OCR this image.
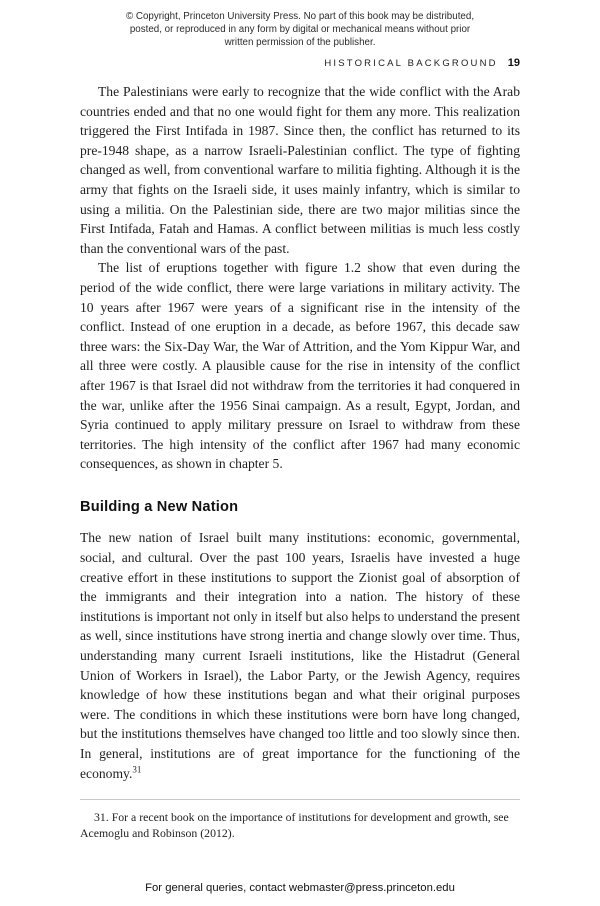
© Copyright, Princeton University Press. No part of this book may be distributed, posted, or reproduced in any form by digital or mechanical means without prior written permission of the publisher.
HISTORICAL BACKGROUND 19

The Palestinians were early to recognize that the wide conflict with the Arab countries ended and that no one would fight for them any more. This realization triggered the First Intifada in 1987. Since then, the conflict has returned to its pre-1948 shape, as a narrow Israeli-Palestinian conflict. The type of fighting changed as well, from conventional warfare to militia fighting. Although it is the army that fights on the Israeli side, it uses mainly infantry, which is similar to using a militia. On the Palestinian side, there are two major militias since the First Intifada, Fatah and Hamas. A conflict between militias is much less costly than the conventional wars of the past.

The list of eruptions together with figure 1.2 show that even during the period of the wide conflict, there were large variations in military activity. The 10 years after 1967 were years of a significant rise in the intensity of the conflict. Instead of one eruption in a decade, as before 1967, this decade saw three wars: the Six-Day War, the War of Attrition, and the Yom Kippur War, and all three were costly. A plausible cause for the rise in intensity of the conflict after 1967 is that Israel did not withdraw from the territories it had conquered in the war, unlike after the 1956 Sinai campaign. As a result, Egypt, Jordan, and Syria continued to apply military pressure on Israel to withdraw from these territories. The high intensity of the conflict after 1967 had many economic consequences, as shown in chapter 5.

Building a New Nation

The new nation of Israel built many institutions: economic, governmental, social, and cultural. Over the past 100 years, Israelis have invested a huge creative effort in these institutions to support the Zionist goal of absorption of the immigrants and their integration into a nation. The history of these institutions is important not only in itself but also helps to understand the present as well, since institutions have strong inertia and change slowly over time. Thus, understanding many current Israeli institutions, like the Histadrut (General Union of Workers in Israel), the Labor Party, or the Jewish Agency, requires knowledge of how these institutions began and what their original purposes were. The conditions in which these institutions were born have long changed, but the institutions themselves have changed too little and too slowly since then. In general, institutions are of great importance for the functioning of the economy.$^{31}$

31. For a recent book on the importance of institutions for development and growth, see Acemoglu and Robinson (2012).
For general queries, contact webmaster@press.princeton.edu
